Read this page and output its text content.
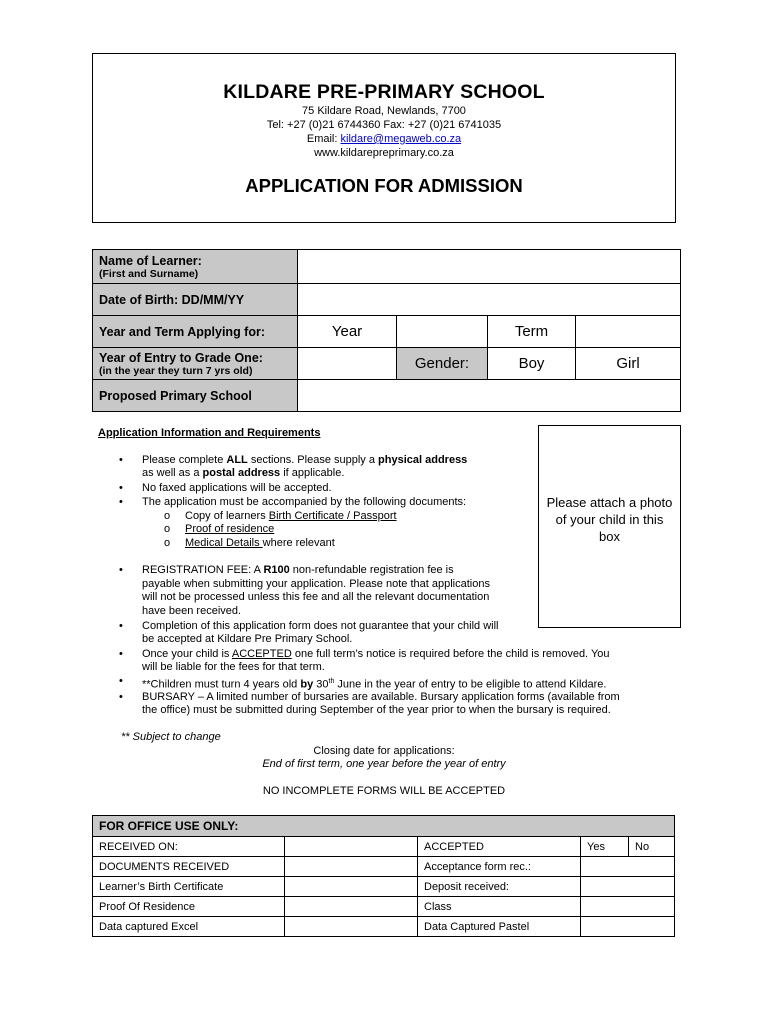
KILDARE PRE-PRIMARY SCHOOL
75 Kildare Road, Newlands, 7700
Tel: +27 (0)21 6744360 Fax: +27 (0)21 6741035
Email: kildare@megaweb.co.za
www.kildarepreprimary.co.za
APPLICATION FOR ADMISSION
Name of Learner:
(First and Surname)				

Date of Birth: DD/MM/YY				
Year and Term Applying for:	Year		Term	
Year of Entry to Grade One:
(in the year they turn 7 yrs old)		Gender:	Boy	Girl
Proposed Primary School				
Please attach a photo of your child in this box
Application Information and Requirements
• Please complete ALL sections. Please supply a physical address
as well as a postal address if applicable.
• No faxed applications will be accepted.
• The application must be accompanied by the following documents:
o Copy of learners Birth Certificate / Passport
o Proof of residence
o Medical Details where relevant
• REGISTRATION FEE: A R100 non-refundable registration fee is
payable when submitting your application. Please note that applications
will not be processed unless this fee and all the relevant documentation
have been received.
• Completion of this application form does not guarantee that your child will
be accepted at Kildare Pre Primary School.
• Once your child is ACCEPTED one full term’s notice is required before the child is removed. You
will be liable for the fees for that term.
• **Children must turn 4 years old by 30th June in the year of entry to be eligible to attend Kildare.
• BURSARY – A limited number of bursaries are available. Bursary application forms (available from
the office) must be submitted during September of the year prior to when the bursary is required.
** Subject to change
Closing date for applications:
End of first term, one year before the year of entry
NO INCOMPLETE FORMS WILL BE ACCEPTED
FOR OFFICE USE ONLY:				
RECEIVED ON:		ACCEPTED	Yes	No
DOCUMENTS RECEIVED		Acceptance form rec.:		
Learner’s Birth Certificate		Deposit received:		
Proof Of Residence		Class		
Data captured Excel		Data Captured Pastel		
